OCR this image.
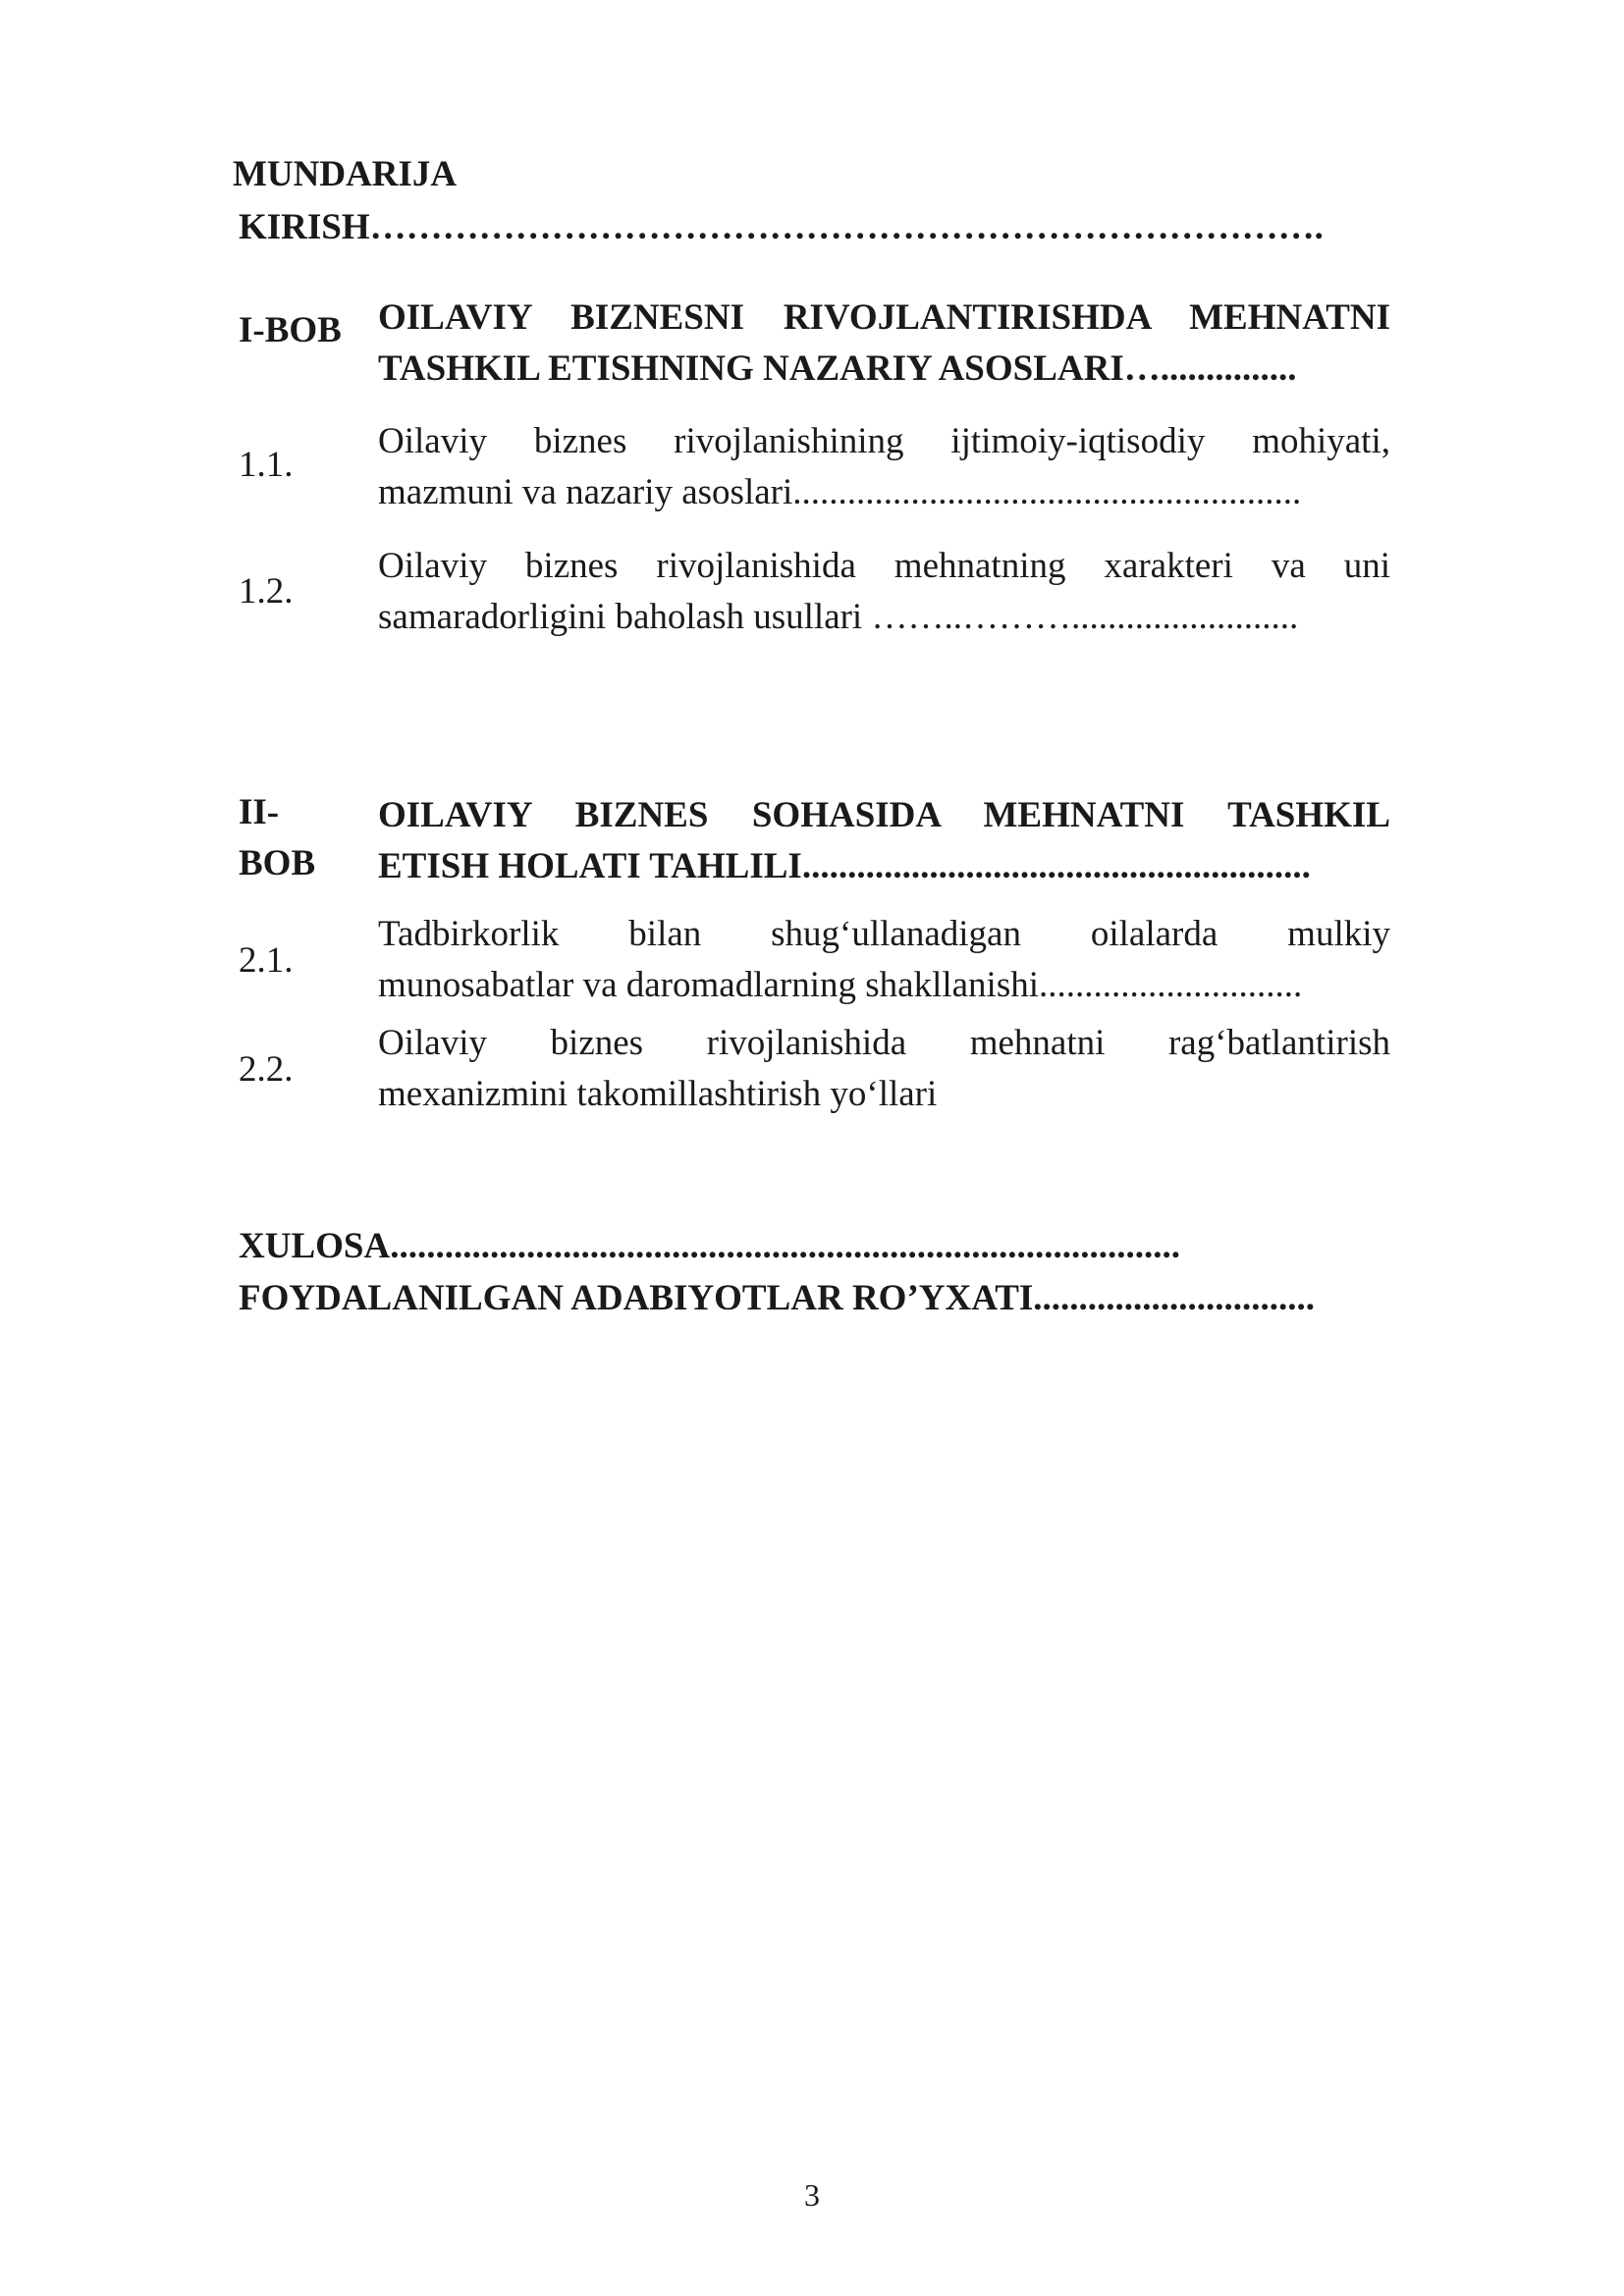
MUNDARIJA
KIRISH…………………………………………………………………….
I-BOB OILAVIY BIZNESNI RIVOJLANTIRISHDA MEHNATNI
TASHKIL ETISHNING NAZARIY ASOSLARI…...............
1.1.
Oilaviy biznes rivojlanishining ijtimoiy-iqtisodiy mohiyati,
mazmuni va nazariy asoslari........................................................
1.2.
Oilaviy biznes rivojlanishida mehnatning xarakteri va uni
samaradorligini baholash usullari ……..……….........................
II-
BOB
OILAVIY BIZNES SOHASIDA MEHNATNI TASHKIL
ETISH HOLATI TAHLILI........................................................
2.1.
Tadbirkorlik bilan shug‘ullanadigan oilalarda mulkiy
munosabatlar va daromadlarning shakllanishi.............................
2.2.
Oilaviy biznes rivojlanishida mehnatni rag‘batlantirish
mexanizmini takomillashtirish yo‘llari
XULOSA.......................................................................................
FOYDALANILGAN ADABIYOTLAR RO’YXATI...............................
3
